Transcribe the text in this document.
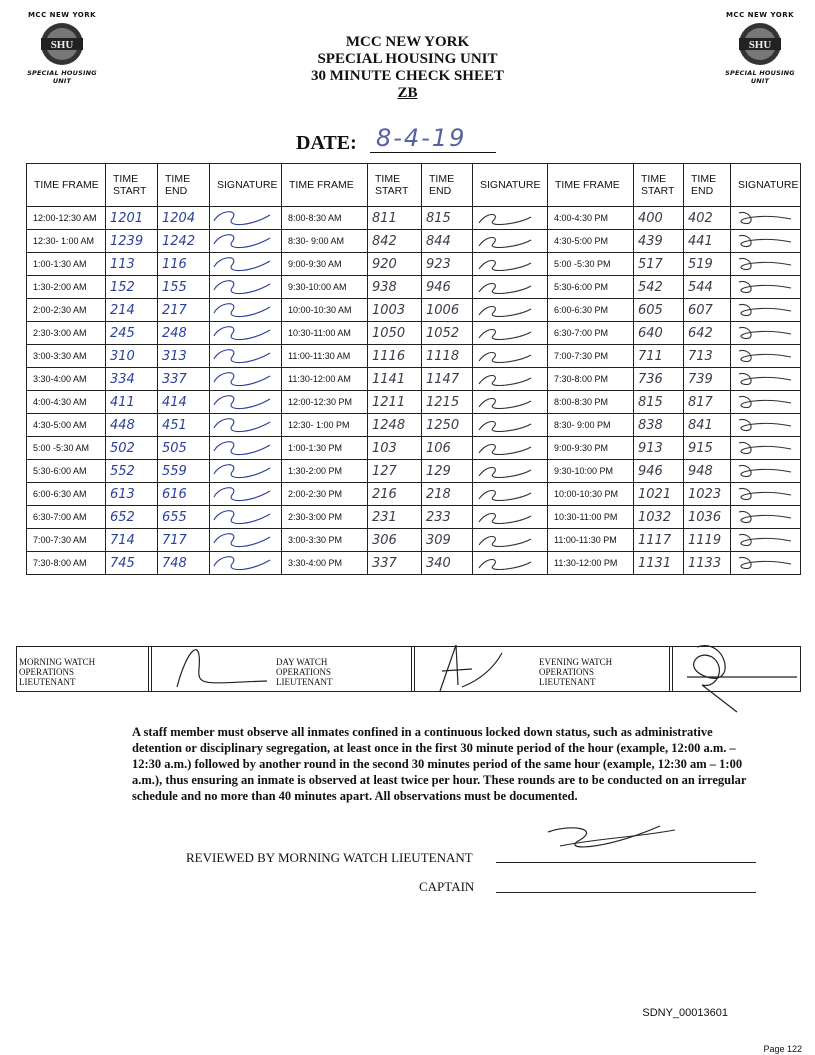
MCC NEW YORK
SHU
SPECIAL HOUSING UNIT
MCC NEW YORK
SHU
SPECIAL HOUSING UNIT
MCC NEW YORK
SPECIAL HOUSING UNIT
30 MINUTE CHECK SHEET
ZB
DATE: 8-4-19
TIME FRAME	TIME START	TIME END	SIGNATURE	TIME FRAME	TIME START	TIME END	SIGNATURE	TIME FRAME	TIME START	TIME END	SIGNATURE
12:00-12:30 AM	1201	1204		8:00-8:30 AM	811	815		4:00-4:30 PM	400	402	

12:30- 1:00 AM	1239	1242		8:30- 9:00 AM	842	844		4:30-5:00 PM	439	441	

1:00-1:30 AM	113	116		9:00-9:30 AM	920	923		5:00 -5:30 PM	517	519	

1:30-2:00 AM	152	155		9:30-10:00 AM	938	946		5:30-6:00 PM	542	544	

2:00-2:30 AM	214	217		10:00-10:30 AM	1003	1006		6:00-6:30 PM	605	607	

2:30-3:00 AM	245	248		10:30-11:00 AM	1050	1052		6:30-7:00 PM	640	642	

3:00-3:30 AM	310	313		11:00-11:30 AM	1116	1118		7:00-7:30 PM	711	713	

3:30-4:00 AM	334	337		11:30-12:00 AM	1141	1147		7:30-8:00 PM	736	739	

4:00-4:30 AM	411	414		12:00-12:30 PM	1211	1215		8:00-8:30 PM	815	817	

4:30-5:00 AM	448	451		12:30- 1:00 PM	1248	1250		8:30- 9:00 PM	838	841	

5:00 -5:30 AM	502	505		1:00-1:30 PM	103	106		9:00-9:30 PM	913	915	

5:30-6:00 AM	552	559		1:30-2:00 PM	127	129		9:30-10:00 PM	946	948	

6:00-6:30 AM	613	616		2:00-2:30 PM	216	218		10:00-10:30 PM	1021	1023	

6:30-7:00 AM	652	655		2:30-3:00 PM	231	233		10:30-11:00 PM	1032	1036	

7:00-7:30 AM	714	717		3:00-3:30 PM	306	309		11:00-11:30 PM	1117	1119	

7:30-8:00 AM	745	748		3:30-4:00 PM	337	340		11:30-12:00 PM	1131	1133	
MORNING WATCH OPERATIONS LIEUTENANT
DAY WATCH OPERATIONS LIEUTENANT
EVENING WATCH OPERATIONS LIEUTENANT
A staff member must observe all inmates confined in a continuous locked down status, such as administrative detention or disciplinary segregation, at least once in the first 30 minute period of the hour (example, 12:00 a.m. – 12:30 a.m.) followed by another round in the second 30 minutes period of the same hour (example, 12:30 am – 1:00 a.m.), thus ensuring an inmate is observed at least twice per hour. These rounds are to be conducted on an irregular schedule and no more than 40 minutes apart. All observations must be documented.
REVIEWED BY MORNING WATCH LIEUTENANT
CAPTAIN
SDNY_00013601
Page 122
